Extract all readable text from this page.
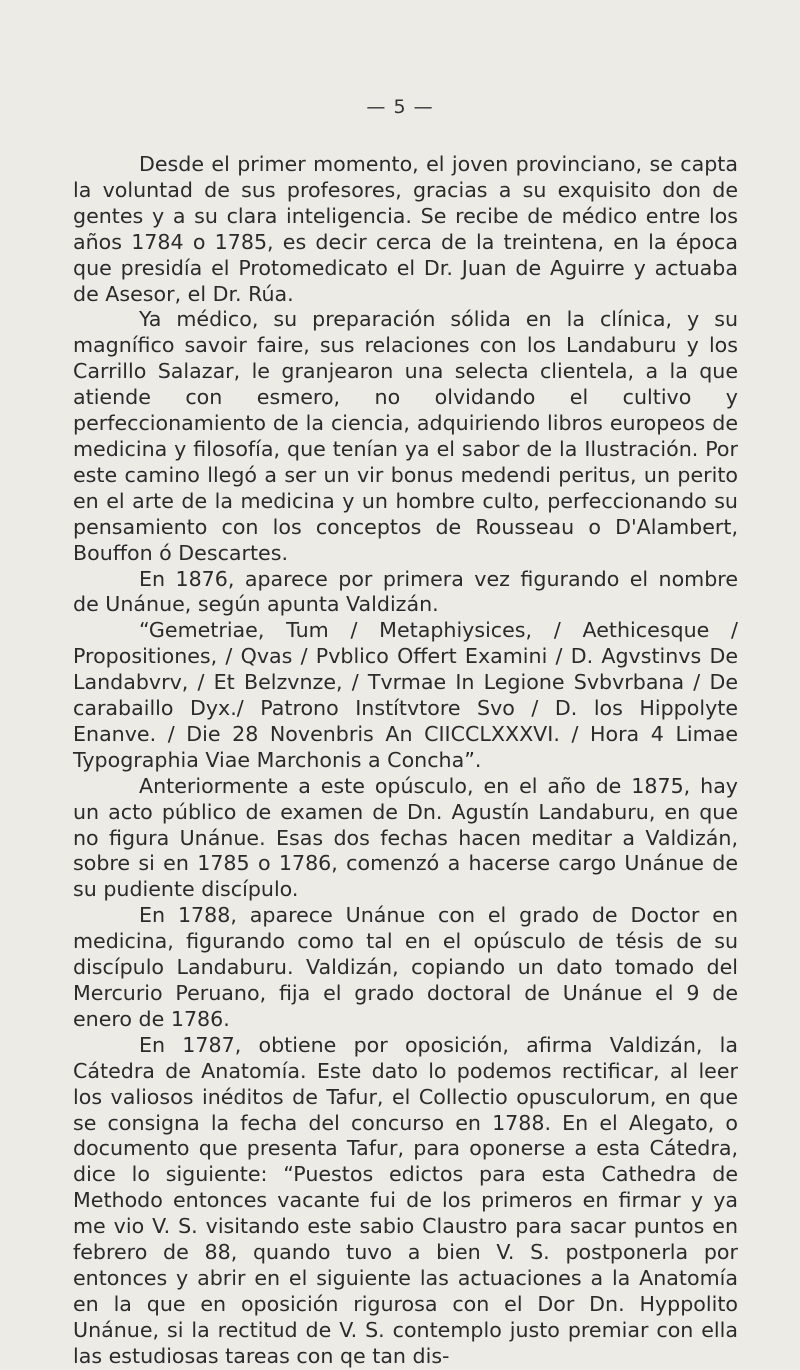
— 5 —

Desde el primer momento, el joven provinciano, se capta la voluntad de sus profesores, gracias a su exquisito don de gentes y a su clara inteligencia. Se recibe de médico entre los años 1784 o 1785, es decir cerca de la treintena, en la época que presidía el Protomedicato el Dr. Juan de Aguirre y actuaba de Asesor, el Dr. Rúa.

Ya médico, su preparación sólida en la clínica, y su magnífico savoir faire, sus relaciones con los Landaburu y los Carrillo Salazar, le granjearon una selecta clientela, a la que atiende con esmero, no olvidando el cultivo y perfeccionamiento de la ciencia, adquiriendo libros europeos de medicina y filosofía, que tenían ya el sabor de la Ilustración. Por este camino llegó a ser un vir bonus medendi peritus, un perito en el arte de la medicina y un hombre culto, perfeccionando su pensamiento con los conceptos de Rousseau o D'Alambert, Bouffon ó Descartes.

En 1876, aparece por primera vez figurando el nombre de Unánue, según apunta Valdizán.

“Gemetriae, Tum / Metaphiysices, / Aethicesque / Propositiones, / Qvas / Pvblico Offert Examini / D. Agvstinvs De Landabvrv, / Et Belzvnze, / Tvrmae In Legione Svbvrbana / De carabaillo Dyx./ Patrono Instítvtore Svo / D. los Hippolyte Enanve. / Die 28 Novenbris An CIICCLXXXVI. / Hora 4 Limae Typographia Viae Marchonis a Concha”.

Anteriormente a este opúsculo, en el año de 1875, hay un acto público de examen de Dn. Agustín Landaburu, en que no figura Unánue. Esas dos fechas hacen meditar a Valdizán, sobre si en 1785 o 1786, comenzó a hacerse cargo Unánue de su pudiente discípulo.

En 1788, aparece Unánue con el grado de Doctor en medicina, figurando como tal en el opúsculo de tésis de su discípulo Landaburu. Valdizán, copiando un dato tomado del Mercurio Peruano, fija el grado doctoral de Unánue el 9 de enero de 1786.

En 1787, obtiene por oposición, afirma Valdizán, la Cátedra de Anatomía. Este dato lo podemos rectificar, al leer los valiosos inéditos de Tafur, el Collectio opusculorum, en que se consigna la fecha del concurso en 1788. En el Alegato, o documento que presenta Tafur, para oponerse a esta Cátedra, dice lo siguiente: “Puestos edictos para esta Cathedra de Methodo entonces vacante fui de los primeros en firmar y ya me vio V. S. visitando este sabio Claustro para sacar puntos en febrero de 88, quando tuvo a bien V. S. postponerla por entonces y abrir en el siguiente las actuaciones a la Anatomía en la que en oposición rigurosa con el Dor Dn. Hyppolito Unánue, si la rectitud de V. S. contemplo justo premiar con ella las estudiosas tareas con qe tan dis-
